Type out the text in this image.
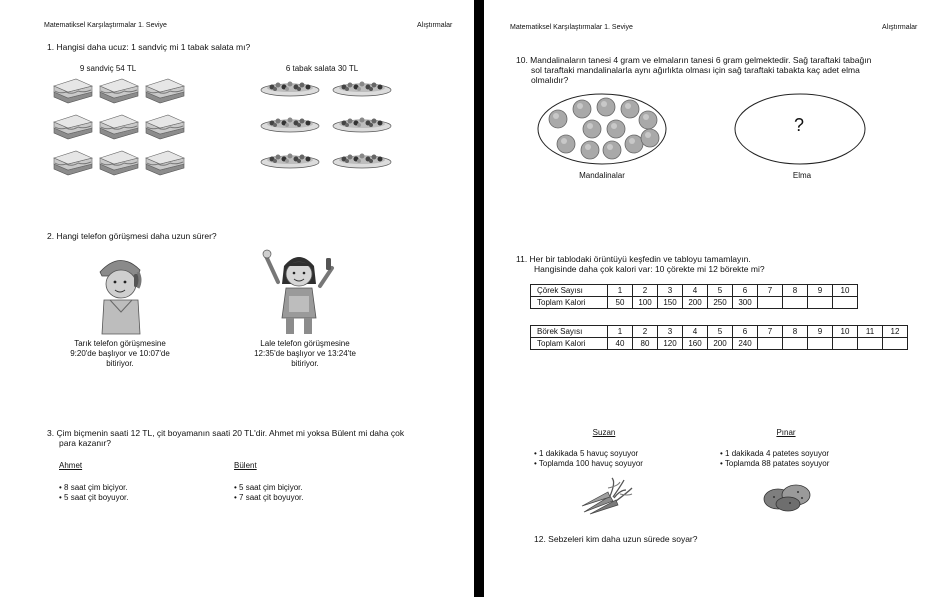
Matematiksel Karşılaştırmalar 1. Seviye	Alıştırmalar
1. Hangisi daha ucuz: 1 sandviç mi 1 tabak salata mı?
9 sandviç 54 TL	6 tabak salata 30 TL
2. Hangi telefon görüşmesi daha uzun sürer?
Tarık telefon görüşmesine
9:20'de başlıyor ve 10:07'de
bitiriyor.
Lale telefon görüşmesine
12:35'de başlıyor ve 13:24'te
bitiriyor.
3. Çim biçmenin saati 12 TL, çit boyamanın saati 20 TL'dir. Ahmet mi yoksa Bülent mi daha çok
para kazanır?
Ahmet	Bülent
• 8 saat çim biçiyor.
• 5 saat çit boyuyor.
• 5 saat çim biçiyor.
• 7 saat çit boyuyor.
Matematiksel Karşılaştırmalar 1. Seviye	Alıştırmalar
10. Mandalinaların tanesi 4 gram ve elmaların tanesi 6 gram gelmektedir. Sağ taraftaki tabağın
sol taraftaki mandalinalarla aynı ağırlıkta olması için sağ taraftaki tabakta kaç adet elma
olmalıdır?
?
Mandalinalar	Elma
11. Her bir tablodaki örüntüyü keşfedin ve tabloyu tamamlayın.
Hangisinde daha çok kalori var: 10 çörekte mi 12 börekte mi?
Çörek Sayısı	1	2	3	4	5	6	7	8	9	10
Toplam Kalori	50	100	150	200	250	300				
Börek Sayısı	1	2	3	4	5	6	7	8	9	10	11	12
Toplam Kalori	40	80	120	160	200	240						
Suzan	Pınar
• 1 dakikada 5 havuç soyuyor
• Toplamda 100 havuç soyuyor
• 1 dakikada 4 patetes soyuyor
• Toplamda 88 patates soyuyor
12. Sebzeleri kim daha uzun sürede soyar?
